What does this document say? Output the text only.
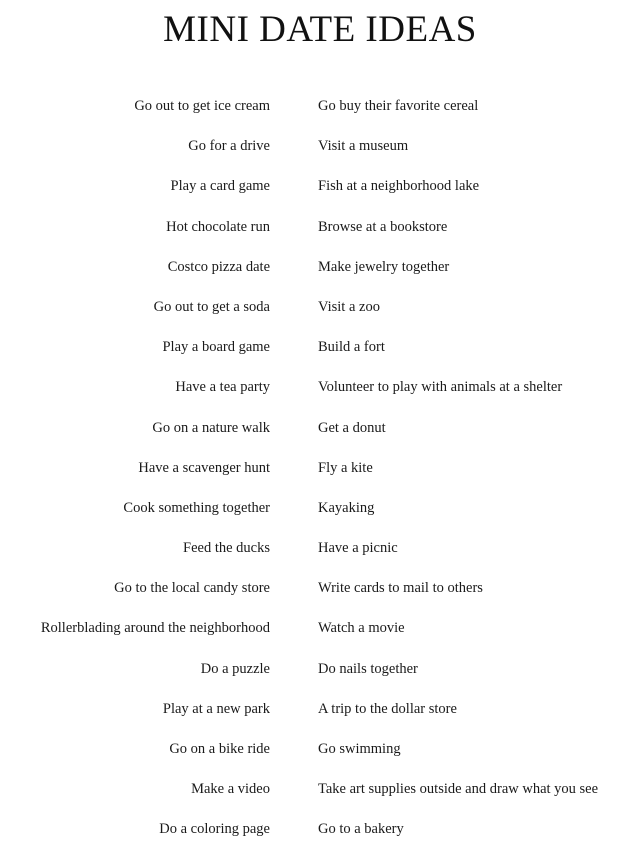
MINI DATE IDEAS
Go out to get ice cream	Go buy their favorite cereal
Go for a drive	Visit a museum
Play a card game	Fish at a neighborhood lake
Hot chocolate run	Browse at a bookstore
Costco pizza date	Make jewelry together
Go out to get a soda	Visit a zoo
Play a board game	Build a fort
Have a tea party	Volunteer to play with animals at a shelter
Go on a nature walk	Get a donut
Have a scavenger hunt	Fly a kite
Cook something together	Kayaking
Feed the ducks	Have a picnic
Go to the local candy store	Write cards to mail to others
Rollerblading around the neighborhood	Watch a movie
Do a puzzle	Do nails together
Play at a new park	A trip to the dollar store
Go on a bike ride	Go swimming
Make a video	Take art supplies outside and draw what you see
Do a coloring page	Go to a bakery
